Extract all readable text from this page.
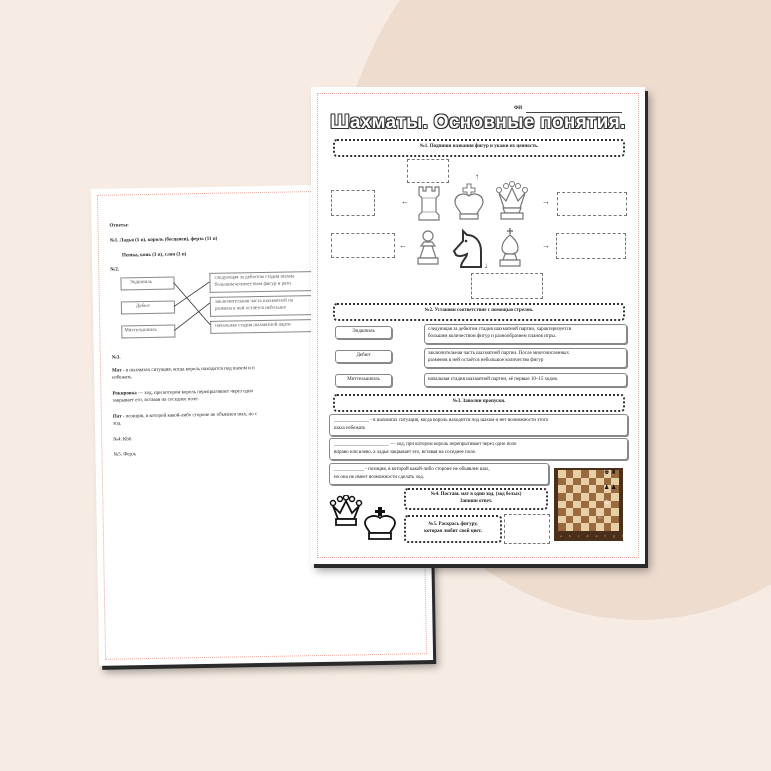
Ответы:
№1. Ладья (5 п), король (бесценен), ферзь (11 п)
Пешка, конь (3 п), слон (3 п)
№2.
Эндшпиль
Дебют
Миттельшпиль
следующая за дебютом стадия шахма
большим количеством фигур и разн
заключительная часть шахматной па
размена в ней остаётся небольшо
начальная стадия шахматной парти
№3.
Мат - в шахматах ситуация, когда король находится под шахом и н
избежать
Рокировка — ход, при котором король перепрыгивает через одно
закрывает его, вставая на соседнее поле.
Пат - позиция, в которой какой-либо стороне не объявлен шах, но с
ход.
№4. Кb6
№5. Ферзь
ФИ
Шахматы. Основные понятия.
№1. Подпиши названия фигур и укажи их ценность.
↑
←	→
←	→
↓
№2. Установи соответствие с помощью стрелок.
Эндшпиль
Дебют
Миттельшпиль
следующая за дебютом стадия шахматной партии, характеризуется
большим количеством фигур и разнообразием планов игры.
заключительная часть шахматной партии. После многочисленных
разменов в ней остаётся небольшое количество фигур
начальная стадия шахматной партии, её первые 10–15 ходов.
№3. Заполни пропуски.
______________ - в шахматах ситуация, когда король находится под шахом и нет возможности этого
шаха избежать
______________________ — ход, при котором король перепрыгивает через одно поле
вправо или влево, а ладья закрывает его, вставая на соседнее поле.
____________ - позиция, в которой какой-либо стороне не объявлен шах,
но она не имеет возможности сделать ход.
№4. Поставь мат в один ход. (ход белых)
Запиши ответ.
№5. Раскрась фигуру,
которая любит свой цвет.
♚ ♜
♟ ♟
♔
♘
a b c d e f g h
